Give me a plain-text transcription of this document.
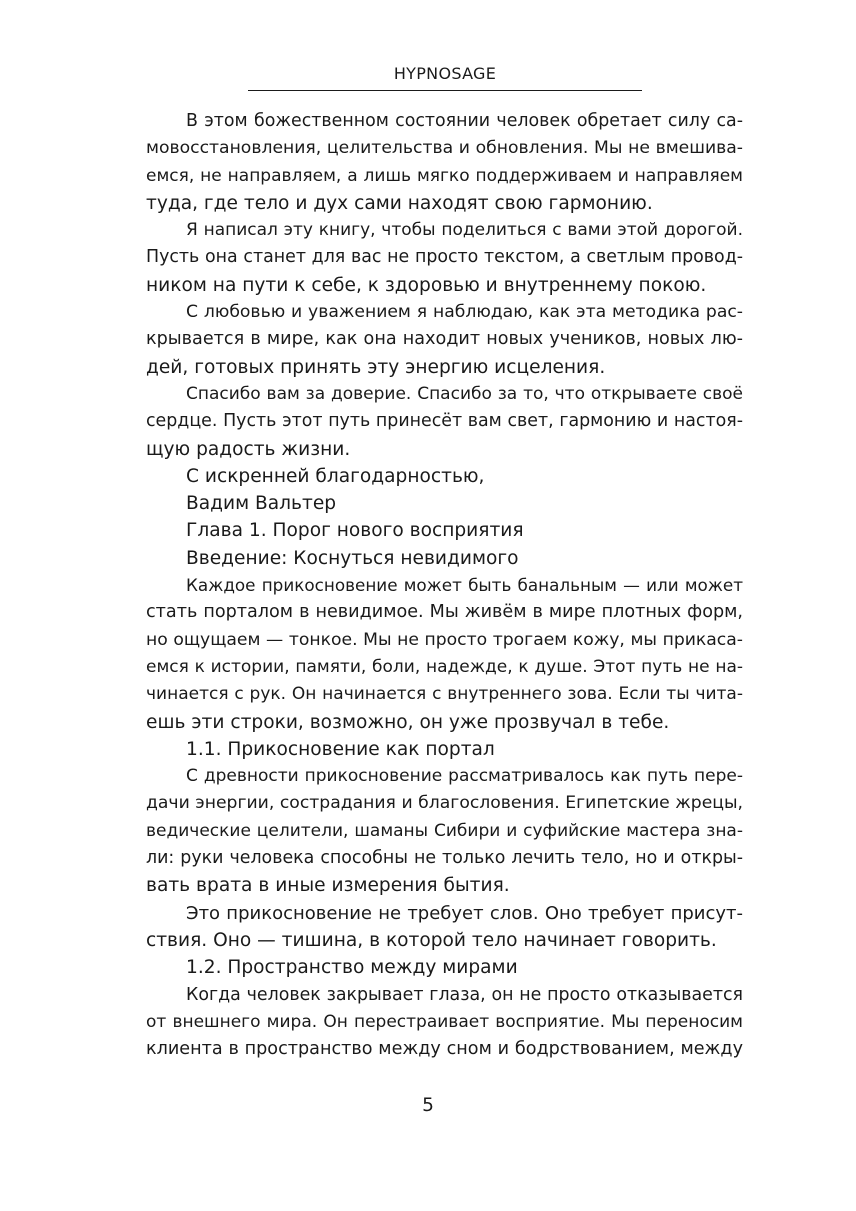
HYPNOSAGE
В этом божественном состоянии человек обретает силу са-
мовосстановления, целительства и обновления. Мы не вмешива-
емся, не направляем, а лишь мягко поддерживаем и направляем
туда, где тело и дух сами находят свою гармонию.
Я написал эту книгу, чтобы поделиться с вами этой дорогой.
Пусть она станет для вас не просто текстом, а светлым провод-
ником на пути к себе, к здоровью и внутреннему покою.
С любовью и уважением я наблюдаю, как эта методика рас-
крывается в мире, как она находит новых учеников, новых лю-
дей, готовых принять эту энергию исцеления.
Спасибо вам за доверие. Спасибо за то, что открываете своё
сердце. Пусть этот путь принесёт вам свет, гармонию и настоя-
щую радость жизни.
С искренней благодарностью,
Вадим Вальтер
Глава 1. Порог нового восприятия
Введение: Коснуться невидимого
Каждое прикосновение может быть банальным — или может
стать порталом в невидимое. Мы живём в мире плотных форм,
но ощущаем — тонкое. Мы не просто трогаем кожу, мы прикаса-
емся к истории, памяти, боли, надежде, к душе. Этот путь не на-
чинается с рук. Он начинается с внутреннего зова. Если ты чита-
ешь эти строки, возможно, он уже прозвучал в тебе.
1.1. Прикосновение как портал
С древности прикосновение рассматривалось как путь пере-
дачи энергии, сострадания и благословения. Египетские жрецы,
ведические целители, шаманы Сибири и суфийские мастера зна-
ли: руки человека способны не только лечить тело, но и откры-
вать врата в иные измерения бытия.
Это прикосновение не требует слов. Оно требует присут-
ствия. Оно — тишина, в которой тело начинает говорить.
1.2. Пространство между мирами
Когда человек закрывает глаза, он не просто отказывается
от внешнего мира. Он перестраивает восприятие. Мы переносим
клиента в пространство между сном и бодрствованием, между
5
